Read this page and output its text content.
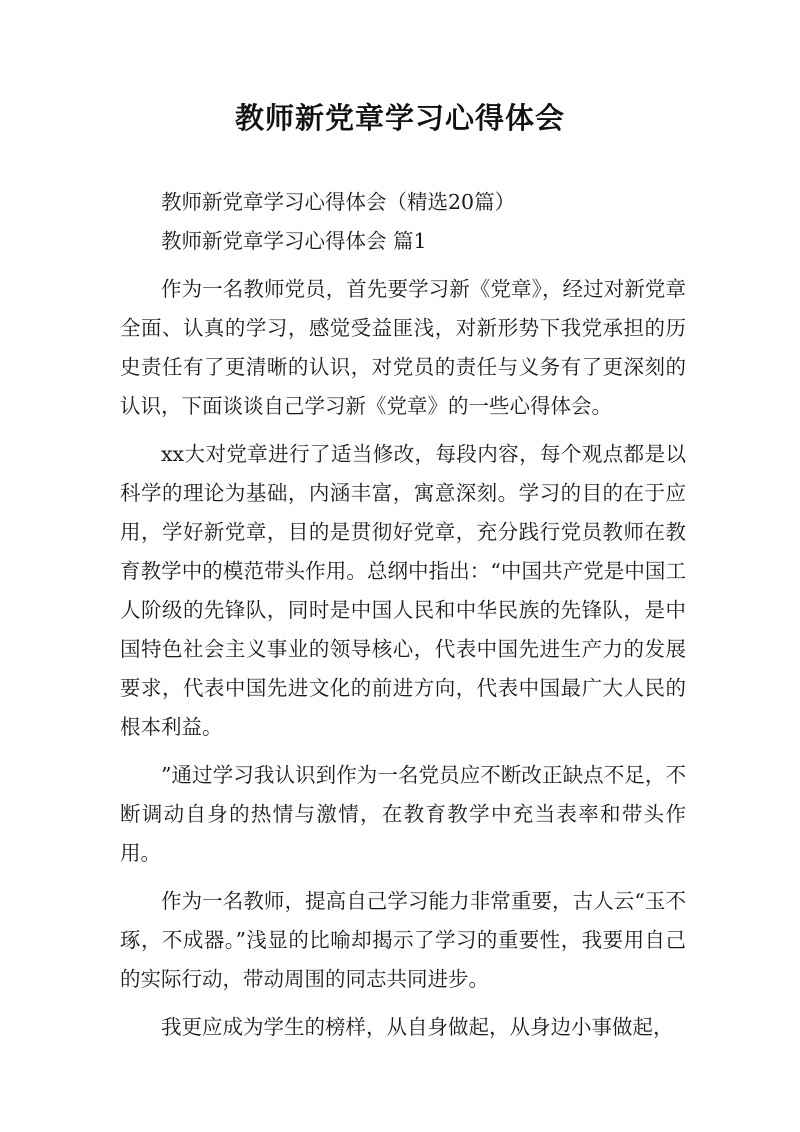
教师新党章学习心得体会

教师新党章学习心得体会（精选20篇）

教师新党章学习心得体会 篇1

作为一名教师党员，首先要学习新《党章》，经过对新党章全面、认真的学习，感觉受益匪浅，对新形势下我党承担的历史责任有了更清晰的认识，对党员的责任与义务有了更深刻的认识，下面谈谈自己学习新《党章》的一些心得体会。

xx大对党章进行了适当修改，每段内容，每个观点都是以科学的理论为基础，内涵丰富，寓意深刻。学习的目的在于应用，学好新党章，目的是贯彻好党章，充分践行党员教师在教育教学中的模范带头作用。总纲中指出：“中国共产党是中国工人阶级的先锋队，同时是中国人民和中华民族的先锋队，是中国特色社会主义事业的领导核心，代表中国先进生产力的发展要求，代表中国先进文化的前进方向，代表中国最广大人民的根本利益。

”通过学习我认识到作为一名党员应不断改正缺点不足，不断调动自身的热情与激情，在教育教学中充当表率和带头作用。

作为一名教师，提高自己学习能力非常重要，古人云“玉不琢，不成器。”浅显的比喻却揭示了学习的重要性，我要用自己的实际行动，带动周围的同志共同进步。

我更应成为学生的榜样，从自身做起，从身边小事做起，
